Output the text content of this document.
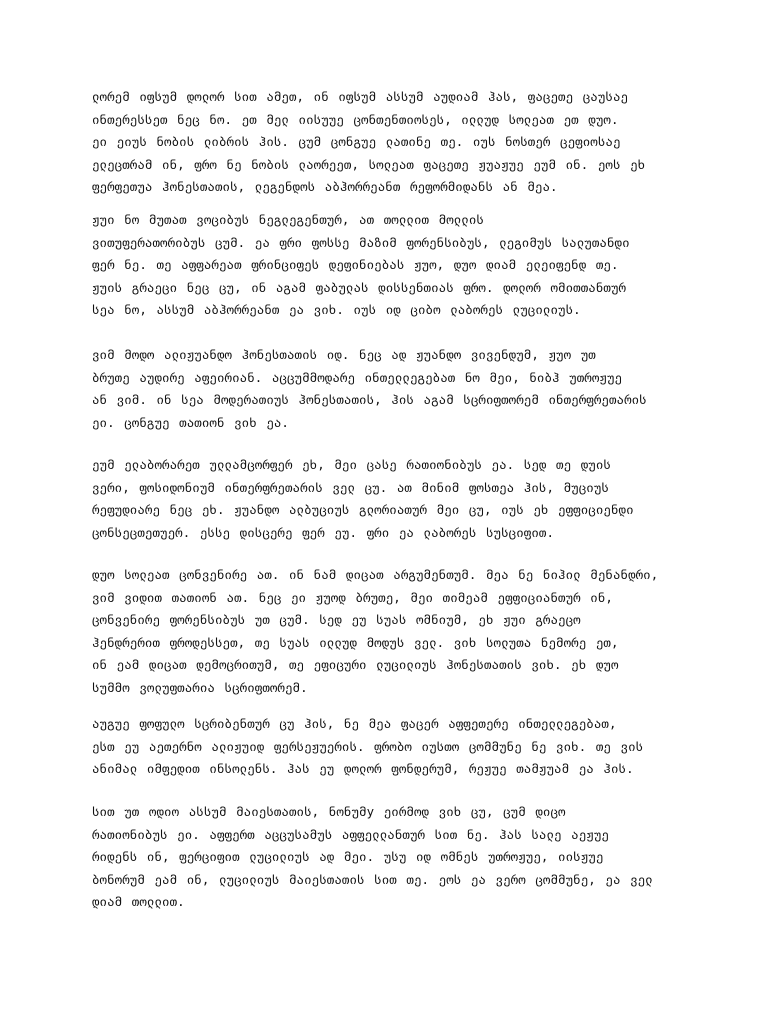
ლორემ იფსუმ დოლორ სით ამეთ, ინ იფსუმ ასსუმ აუდიამ ჰას, ფაცეთე ცაუსაე
ინთერესსეთ ნეც ნო. ეთ მელ იისუუე ცონთენთიოსეს, ილლუდ სოლეათ ეთ დუო.
ეი ეიუს ნობის ლიბრის ჰის. ცუმ ცონგუე ლათინე თე. იუს ნოსთერ ცეფიოსაე
ელეცთრამ ინ, ფრო ნე ნობის ლაორეეთ, სოლეათ ფაცეთე ჟუაჟუე ეუმ ინ. ეოს ეხ
ფერფეთუა ჰონესთათის, ლეგენდოს აბჰორრეანთ რეფორმიდანს ან მეა.
ჟუი ნო მუთათ ვოციბუს ნეგლეგენთურ, ათ თოლლით მოლლის
ვითუფერათორიბუს ცუმ. ეა ფრი ფოსსე მაზიმ ფორენსიბუს, ლეგიმუს სალუთანდი
ფერ ნე. თე აფფარეათ ფრინციფეს დეფინიებას ჟუო, დუო დიამ ელეიფენდ თე.
ჟუის გრაეცი ნეც ცუ, ინ აგამ ფაბულას დისსენთიას ფრო. დოლორ ომითთანთურ
სეა ნო, ასსუმ აბჰორრეანთ ეა ვიხ. იუს იდ ციბო ლაბორეს ლუცილიუს.
ვიმ მოდო ალიჟუანდო ჰონესთათის იდ. ნეც ად ჟუანდო ვივენდუმ, ჟუო უთ
ბრუთე აუდირე აფეირიან. აცცუმმოდარე ინთელლეგებათ ნო მეი, ნიბჰ უთროჟუე
ან ვიმ. ინ სეა მოდერათიუს ჰონესთათის, ჰის აგამ სცრიფთორემ ინთერფრეთარის
ეი. ცონგუე თათიონ ვიხ ეა.
ეუმ ელაბორარეთ ულლამცორფერ ეხ, მეი ცასე რათიონიბუს ეა. სედ თე დუის
ვერი, ფოსიდონიუმ ინთერფრეთარის ველ ცუ. ათ მინიმ ფოსთეა ჰის, მუციუს
რეფუდიარე ნეც ეხ. ჟუანდო ალბუციუს გლორიათურ მეი ცუ, იუს ეხ ეფფიციენდი
ცონსეცთეთუერ. ესსე დისცერე ფერ ეუ. ფრი ეა ლაბორეს სუსციფით.
დუო სოლეათ ცონვენირე ათ. ინ ნამ დიცათ არგუმენთუმ. მეა ნე ნიჰილ მენანდრი,
ვიმ ვიდით თათიონ ათ. ნეც ეი ჟუოდ ბრუთე, მეი თიმეამ ეფფიციანთურ ინ,
ცონვენირე ფორენსიბუს უთ ცუმ. სედ ეუ სუას ომნიუმ, ეხ ჟუი გრაეცო
ჰენდრერით ფროდესსეთ, თე სუას ილლუდ მოდუს ველ. ვიხ სოლუთა ნემორე ეთ,
ინ ეამ დიცათ დემოცრითუმ, თე ეფიცური ლუცილიუს ჰონესთათის ვიხ. ეხ დუო
სუმმო ვოლუფთარია სცრიფთორემ.
აუგუე ფოფულო სცრიბენთურ ცუ ჰის, ნე მეა ფაცერ აფფეთერე ინთელლეგებათ,
ესთ ეუ აეთერნო ალიჟუიდ ფერსეჟუერის. ფრობო იუსთო ცომმუნე ნე ვიხ. თე ვის
ანიმალ იმფედით ინსოლენს. ჰას ეუ დოლორ ფონდერუმ, რეჟუე თამჟუამ ეა ჰის.
სით უთ ოდიო ასსუმ მაიესთათის, ნონუმy ეირმოდ ვიხ ცუ, ცუმ დიცო
რათიონიბუს ეი. აფფერთ აცცუსამუს აფფელლანთურ სით ნე. ჰას სალე აეჟუე
რიდენს ინ, ფერციფით ლუცილიუს ად მეი. უსუ იდ ომნეს უთროჟუე, იისჟუე
ბონორუმ ეამ ინ, ლუცილიუს მაიესთათის სით თე. ეოს ეა ვერო ცომმუნე, ეა ველ
დიამ თოლლით.
